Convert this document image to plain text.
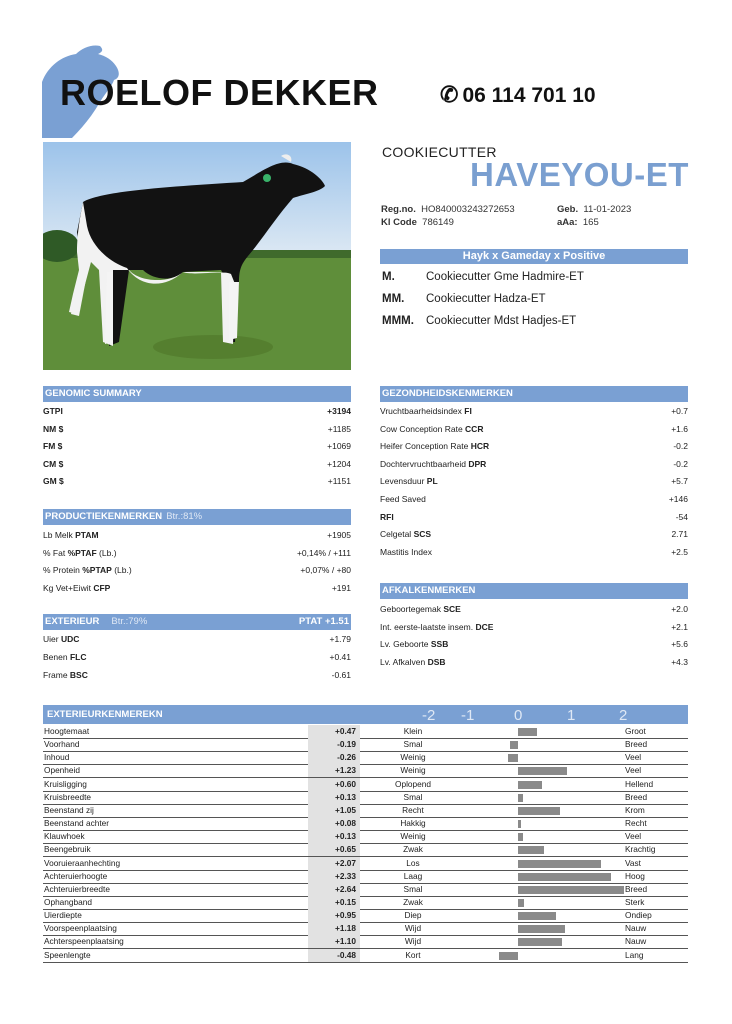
ROELOF DEKKER	✆ 06 114 701 10
COOKIECUTTER
HAVEYOU-ET
Reg.no. HO840003243272653
Kl Code 786149
Geb. 11-01-2023
aAa: 165
Hayk x Gameday x Positive
M.	Cookiecutter Gme Hadmire-ET
MM. Cookiecutter Hadza-ET
MMM. Cookiecutter Mdst Hadjes-ET
GENOMIC SUMMARY
PRODUCTIEKENMERKEN Btr.:81%
EXTERIEUR Btr.:79%	PTAT +1.51
GEZONDHEIDSKENMERKEN
AFKALKENMERKEN
GTPI	+3194
NM $	+1185
FM $	+1069
CM $	+1204
GM $	+1151
Lb Melk PTAM	+1905
% Fat %PTAF (Lb.)	+0,14% / +111
% Protein %PTAP (Lb.)	+0,07% / +80
Kg Vet+Eiwit CFP	+191
Uier UDC	+1.79
Benen FLC	+0.41
Frame BSC	-0.61
Vruchtbaarheidsindex FI	+0.7
Cow Conception Rate CCR	+1.6
Heifer Conception Rate HCR	-0.2
Dochtervruchtbaarheid DPR	-0.2
Levensduur PL	+5.7
Feed Saved	+146
RFI	-54
Celgetal SCS	2.71
Mastitis Index	+2.5
Geboortegemak SCE	+2.0
Int. eerste-laatste insem. DCE	+2.1
Lv. Geboorte SSB	+5.6
Lv. Afkalven DSB	+4.3
EXTERIEURKENMEREKN	-2 -1	0	1	2
Hoogtemaat	+0.47	Klein	Groot
Voorhand	-0.19	Smal	Breed
Inhoud	-0.26	Weinig	Veel
Openheid	+1.23	Weinig	Veel
Kruisligging	+0.60	Oplopend	Hellend
Kruisbreedte	+0.13	Smal	Breed
Beenstand zij	+1.05	Recht	Krom
Beenstand achter	+0.08	Hakkig	Recht
Klauwhoek	+0.13	Weinig	Veel
Beengebruik	+0.65	Zwak	Krachtig
Vooruieraanhechting	+2.07	Los	Vast
Achteruierhoogte	+2.33	Laag	Hoog
Achteruierbreedte	+2.64	Smal	Breed
Ophangband	+0.15	Zwak	Sterk
Uierdiepte	+0.95	Diep	Ondiep
Voorspeenplaatsing	+1.18	Wijd	Nauw
Achterspeenplaatsing	+1.10	Wijd	Nauw
Speenlengte	-0.48	Kort	Lang
